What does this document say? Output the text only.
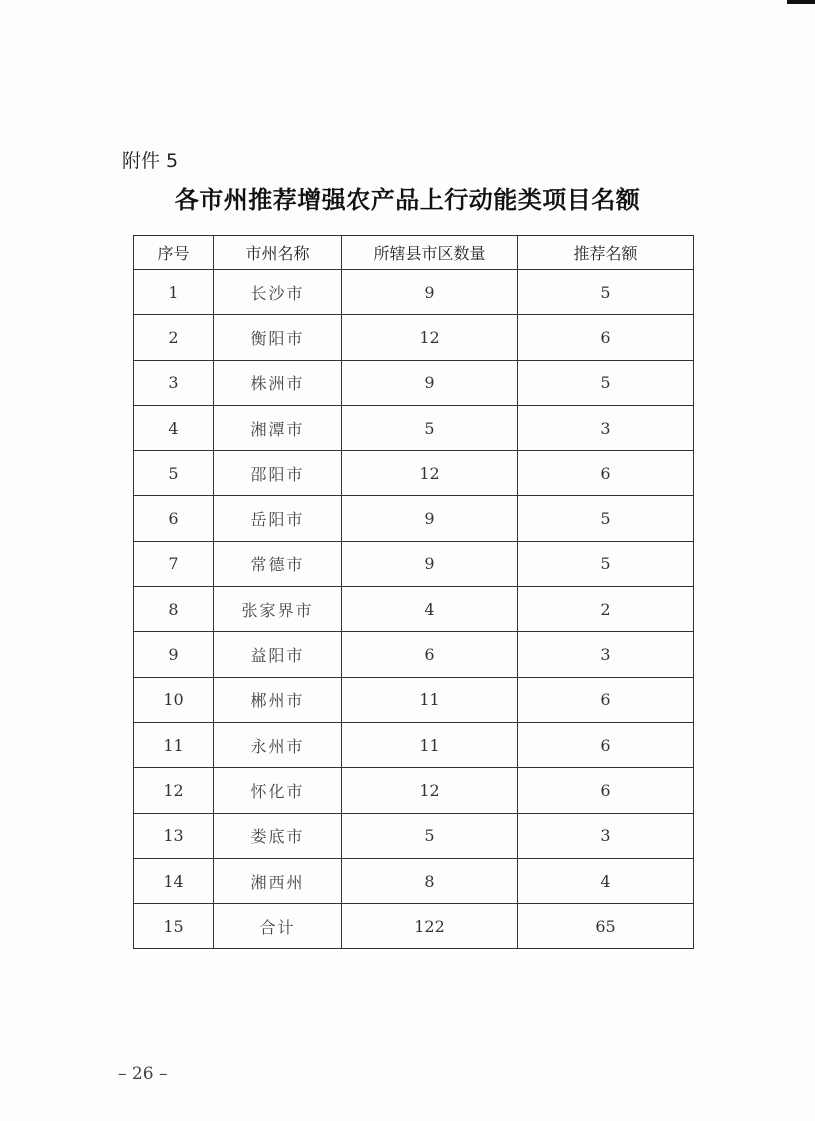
附件 5
各市州推荐增强农产品上行动能类项目名额
序号	市州名称	所辖县市区数量	推荐名额
1	长沙市	9	5
2	衡阳市	12	6
3	株洲市	9	5
4	湘潭市	5	3
5	邵阳市	12	6
6	岳阳市	9	5
7	常德市	9	5
8	张家界市	4	2
9	益阳市	6	3
10	郴州市	11	6
11	永州市	11	6
12	怀化市	12	6
13	娄底市	5	3
14	湘西州	8	4
15	合计	122	65
– 26 –
